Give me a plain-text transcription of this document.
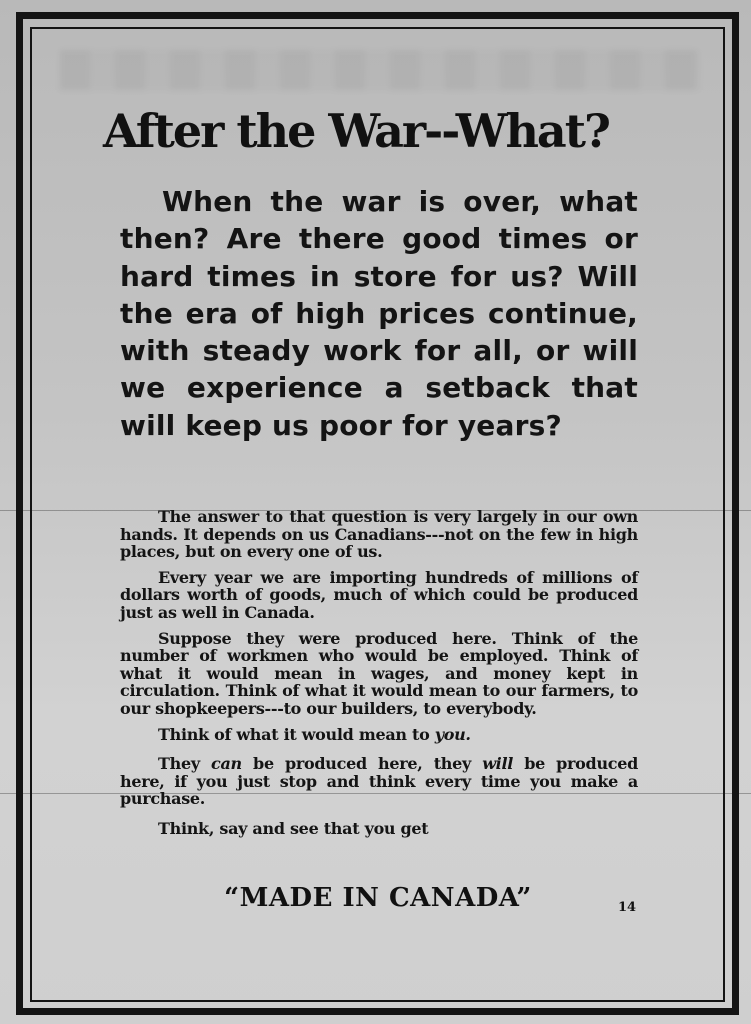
After the War--What?

When the war is over, what then? Are there good times or hard times in store for us? Will the era of high prices continue, with steady work for all, or will we experience a setback that will keep us poor for years?

The answer to that question is very largely in our own hands. It depends on us Canadians---not on the few in high places, but on every one of us.

Every year we are importing hundreds of millions of dollars worth of goods, much of which could be produced just as well in Canada.

Suppose they were produced here. Think of the number of workmen who would be employed. Think of what it would mean in wages, and money kept in circulation. Think of what it would mean to our farmers, to our shopkeepers---to our builders, to everybody.

Think of what it would mean to you.

They can be produced here, they will be produced here, if you just stop and think every time you make a purchase.

Think, say and see that you get

“MADE IN CANADA”	14
